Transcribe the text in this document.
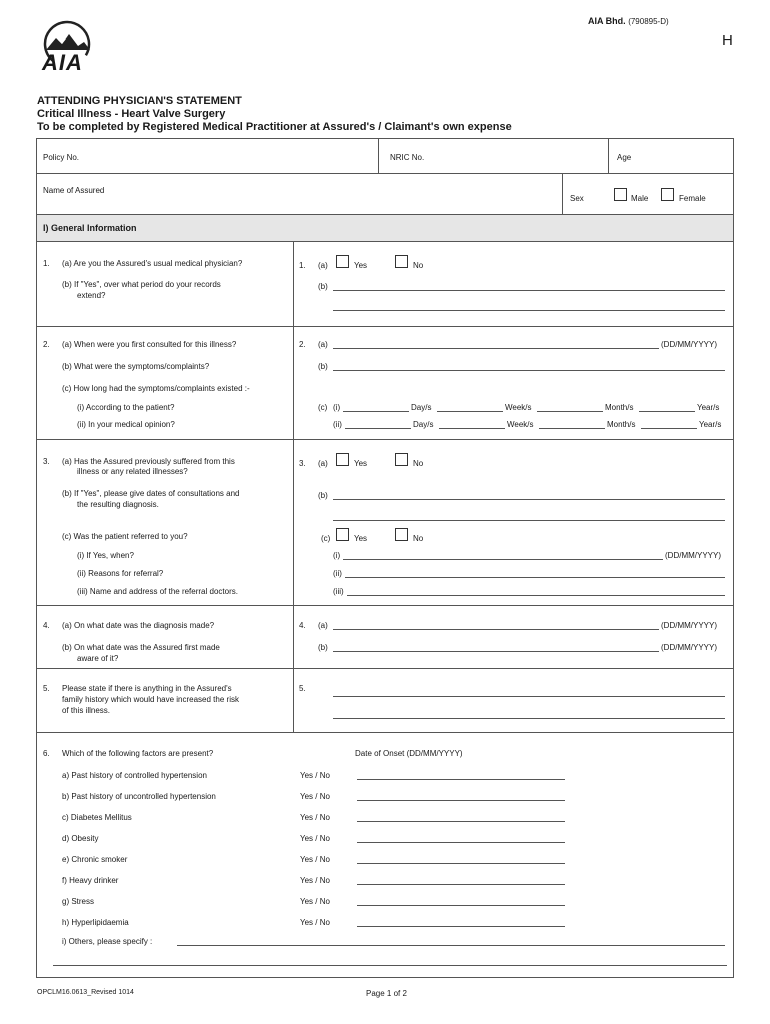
AIA
AIA Bhd. (790895-D)
H
ATTENDING PHYSICIAN'S STATEMENT
Critical Illness - Heart Valve Surgery
To be completed by Registered Medical Practitioner at Assured's / Claimant's own expense
Policy No.	NRIC No.	Age
Name of Assured
Sex	Male	Female
I) General Information
1. (a) Are you the Assured's usual medical physician?
(b) If "Yes", over what period do your records
extend?
1. (a)	Yes	No
(b)
2. (a) When were you first consulted for this illness?
(b) What were the symptoms/complaints?
(c) How long had the symptoms/complaints existed :-
(i) According to the patient?
(ii) In your medical opinion?
2. (a)	(DD/MM/YYYY)
(b)
(c) (i)	Day/s	Week/s	Month/s	Year/s
(ii)	Day/s	Week/s	Month/s	Year/s
3. (a) Has the Assured previously suffered from this
illness or any related illnesses?
(b) If "Yes", please give dates of consultations and
the resulting diagnosis.
(c) Was the patient referred to you?
(i) If Yes, when?
(ii) Reasons for referral?
(iii) Name and address of the referral doctors.
3. (a)	Yes	No
(b)
(c)	Yes	No
(i)	(DD/MM/YYYY)
(ii)
(iii)
4. (a) On what date was the diagnosis made?
(b) On what date was the Assured first made
aware of it?
4. (a)	(DD/MM/YYYY)
(b)	(DD/MM/YYYY)
5. Please state if there is anything in the Assured's
family history which would have increased the risk
of this illness.
5.
6. Which of the following factors are present?	Date of Onset (DD/MM/YYYY)
a) Past history of controlled hypertension	Yes / No
b) Past history of uncontrolled hypertension	Yes / No
c) Diabetes Mellitus	Yes / No
d) Obesity	Yes / No
e) Chronic smoker	Yes / No
f) Heavy drinker	Yes / No
g) Stress	Yes / No
h) Hyperlipidaemia	Yes / No
i) Others, please specify :
OPCLM16.0613_Revised 1014	Page 1 of 2
